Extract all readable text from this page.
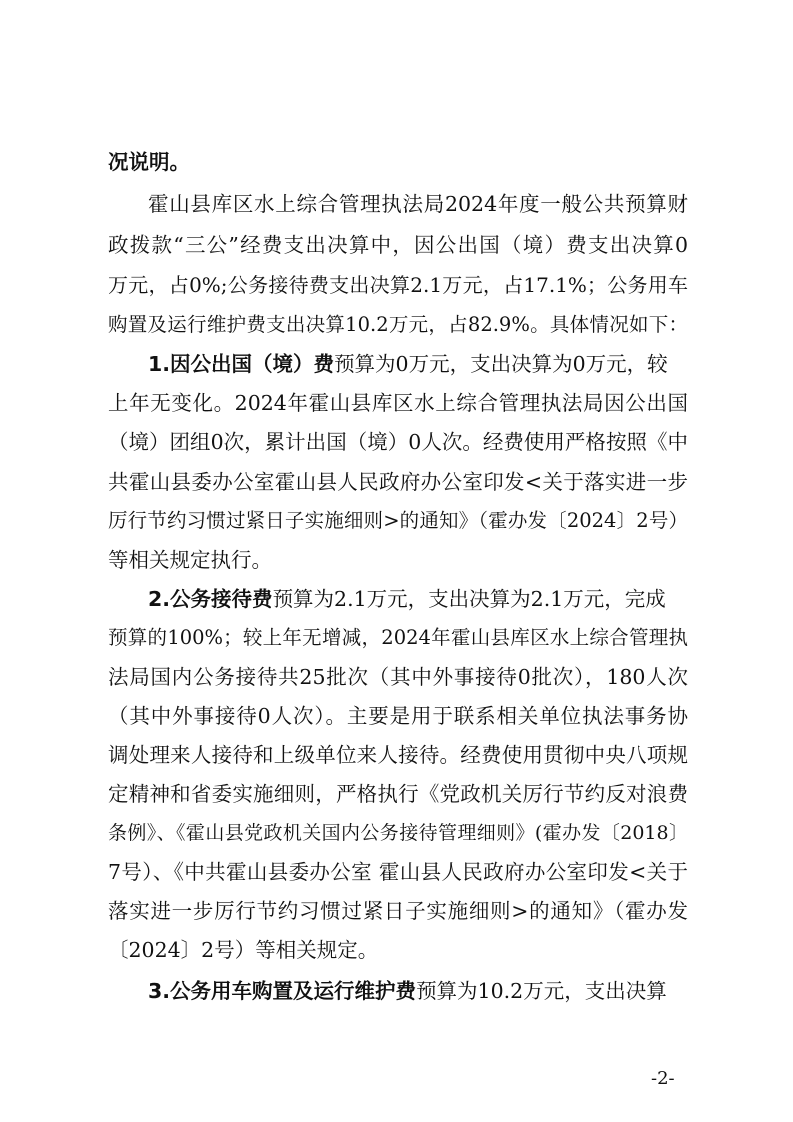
况说明。
霍山县库区水上综合管理执法局2024年度一般公共预算财
政拨款“三公”经费支出决算中，因公出国（境）费支出决算0
万元，占0%;公务接待费支出决算2.1万元，占17.1%；公务用车
购置及运行维护费支出决算10.2万元，占82.9%。具体情况如下：
1.因公出国（境）费预算为0万元，支出决算为0万元，较
上年无变化。2024年霍山县库区水上综合管理执法局因公出国
（境）团组0次，累计出国（境）0人次。经费使用严格按照《中
共霍山县委办公室霍山县人民政府办公室印发<关于落实进一步
厉行节约习惯过紧日子实施细则>的通知》（霍办发〔2024〕2号）
等相关规定执行。
2.公务接待费预算为2.1万元，支出决算为2.1万元，完成
预算的100%；较上年无增减，2024年霍山县库区水上综合管理执
法局国内公务接待共25批次（其中外事接待0批次），180人次
（其中外事接待0人次）。主要是用于联系相关单位执法事务协
调处理来人接待和上级单位来人接待。经费使用贯彻中央八项规
定精神和省委实施细则，严格执行《党政机关厉行节约反对浪费
条例》、《霍山县党政机关国内公务接待管理细则》(霍办发〔2018〕
7号）、《中共霍山县委办公室 霍山县人民政府办公室印发<关于
落实进一步厉行节约习惯过紧日子实施细则>的通知》（霍办发
〔2024〕2号）等相关规定。
3.公务用车购置及运行维护费预算为10.2万元，支出决算
-2-
